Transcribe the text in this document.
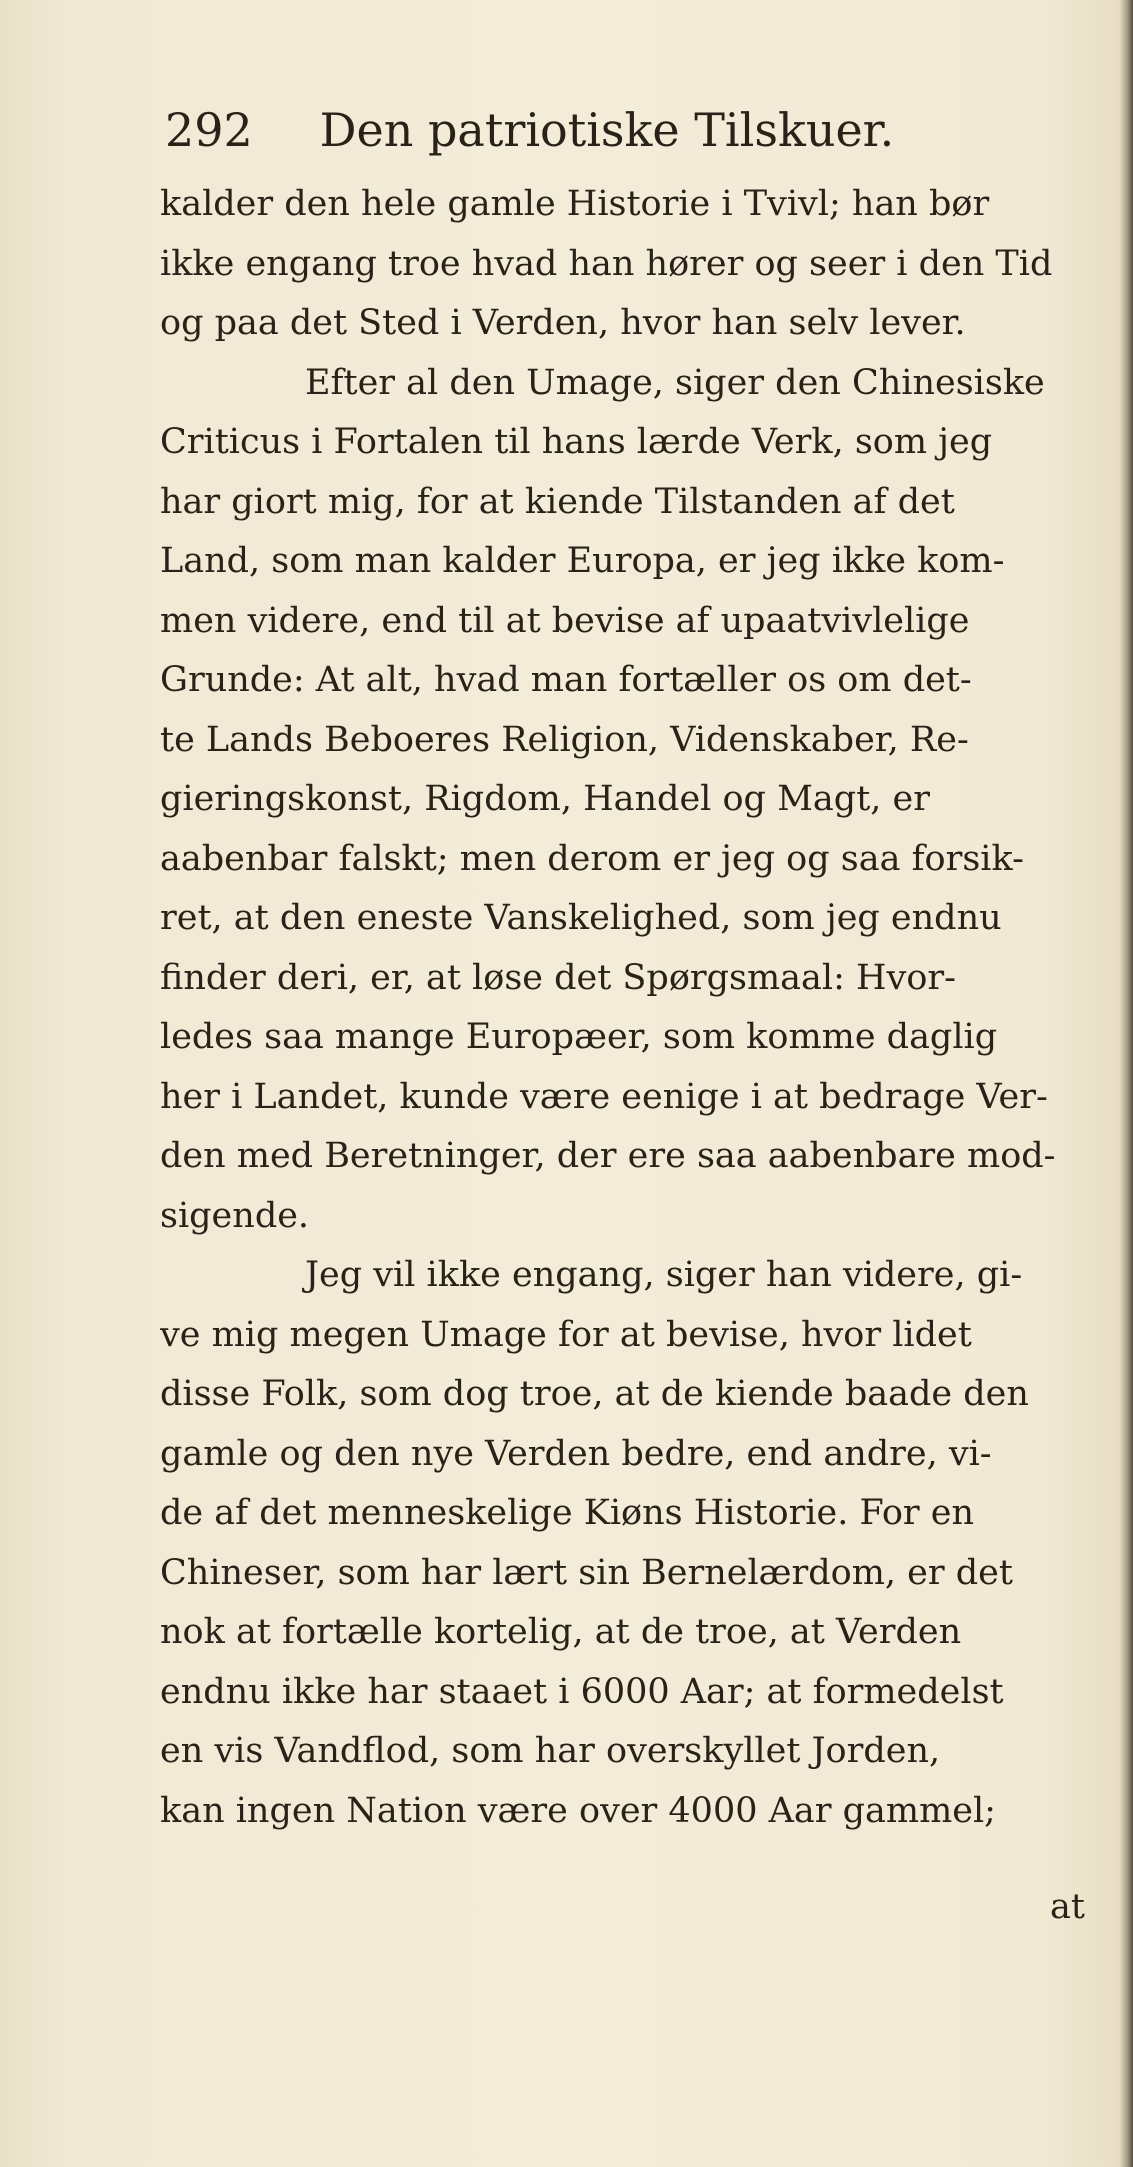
292 Den patriotiske Tilskuer.
kalder den hele gamle Historie i Tvivl; han bør
ikke engang troe hvad han hører og seer i den Tid
og paa det Sted i Verden, hvor han selv lever.
Efter al den Umage, siger den Chinesiske
Criticus i Fortalen til hans lærde Verk, som jeg
har giort mig, for at kiende Tilstanden af det
Land, som man kalder Europa, er jeg ikke kom-
men videre, end til at bevise af upaatvivlelige
Grunde: At alt, hvad man fortæller os om det-
te Lands Beboeres Religion, Videnskaber, Re-
gieringskonst, Rigdom, Handel og Magt, er
aabenbar falskt; men derom er jeg og saa forsik-
ret, at den eneste Vanskelighed, som jeg endnu
finder deri, er, at løse det Spørgsmaal: Hvor-
ledes saa mange Europæer, som komme daglig
her i Landet, kunde være eenige i at bedrage Ver-
den med Beretninger, der ere saa aabenbare mod-
sigende.
Jeg vil ikke engang, siger han videre, gi-
ve mig megen Umage for at bevise, hvor lidet
disse Folk, som dog troe, at de kiende baade den
gamle og den nye Verden bedre, end andre, vi-
de af det menneskelige Kiøns Historie. For en
Chineser, som har lært sin Bernelærdom, er det
nok at fortælle kortelig, at de troe, at Verden
endnu ikke har staaet i 6000 Aar; at formedelst
en vis Vandflod, som har overskyllet Jorden,
kan ingen Nation være over 4000 Aar gammel;
at
